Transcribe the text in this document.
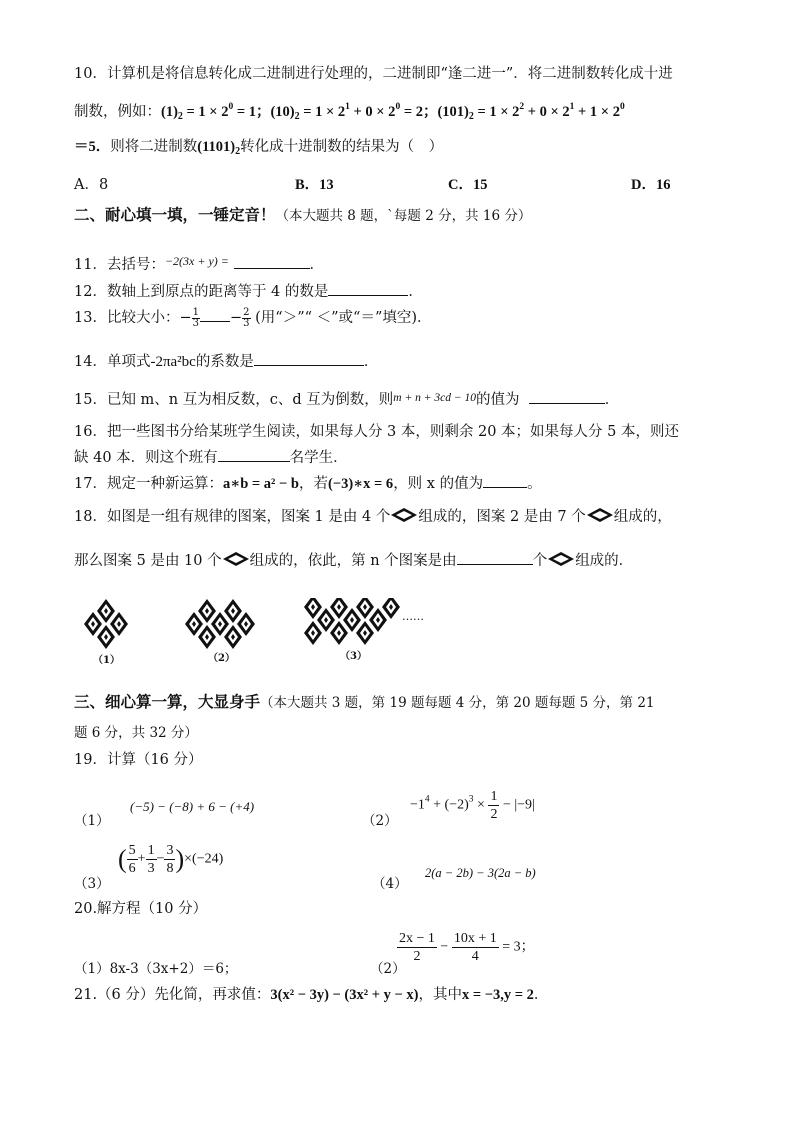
10．计算机是将信息转化成二进制进行处理的，二进制即“逢二进一”．将二进制数转化成十进
制数，例如：$(1)_2 = 1 \times 2^0 = 1$；$(10)_2 = 1 \times 2^1 + 0 \times 2^0 = 2$；$(101)_2 = 1 \times 2^2 + 0 \times 2^1 + 1 \times 2^0$
＝5．则将二进制数$(1101)_2$转化成十进制数的结果为（　）
A．8	B．13	C．15	D．16
二、耐心填一填，一锤定音！（本大题共 8 题，`每题 2 分，共 16 分）
11．去括号：$^{-2(3x + y) =}$	．
12．数轴上到原点的距离等于 4 的数是	．
13．比较大小：− $\frac{1}{3} - \frac{2}{3}$ (用“＞”“ ＜”或“＝”填空)．
14．单项式-2πa²bc的系数是	．
15．已知 m、n 互为相反数，c、d 互为倒数，则$^{m + n + 3cd - 10}$的值为	．
16．把一些图书分给某班学生阅读，如果每人分 3 本，则剩余 20 本；如果每人分 5 本，则还
缺 40 本．则这个班有	名学生．
17．规定一种新运算：a∗b = a² − b，若(−3)∗x = 6，则 x 的值为	。
18．如图是一组有规律的图案，图案 1 是由 4 个 组成的，图案 2 是由 7 个 组成的，
那么图案 5 是由 10 个 组成的，依此，第 n 个图案是由	个 组成的．
（1）	（2）	（3）
……
三、细心算一算，大显身手（本大题共 3 题，第 19 题每题 4 分，第 20 题每题 5 分，第 21
题 6 分，共 32 分）
19．计算（16 分）
（1）
(−5) − (−8) + 6 − (+4)
（2）
$-1^4 + (-2)^3 \times \frac{1}{2} - |-9|$
（3）
( $\frac{5}{6} + \frac{1}{3} - \frac{3}{8} )\times(-24)$
（4）
2(a − 2b) − 3(2a − b)
20.解方程（10 分）
（1）8x-3（3x+2）＝6；	（2）
$\frac{2x - 1}{2} - \frac{10x + 1}{4} = 3$；
21.（6 分）先化简，再求值：3(x² − 3y) − (3x² + y − x)，其中x = −3,y = 2．
